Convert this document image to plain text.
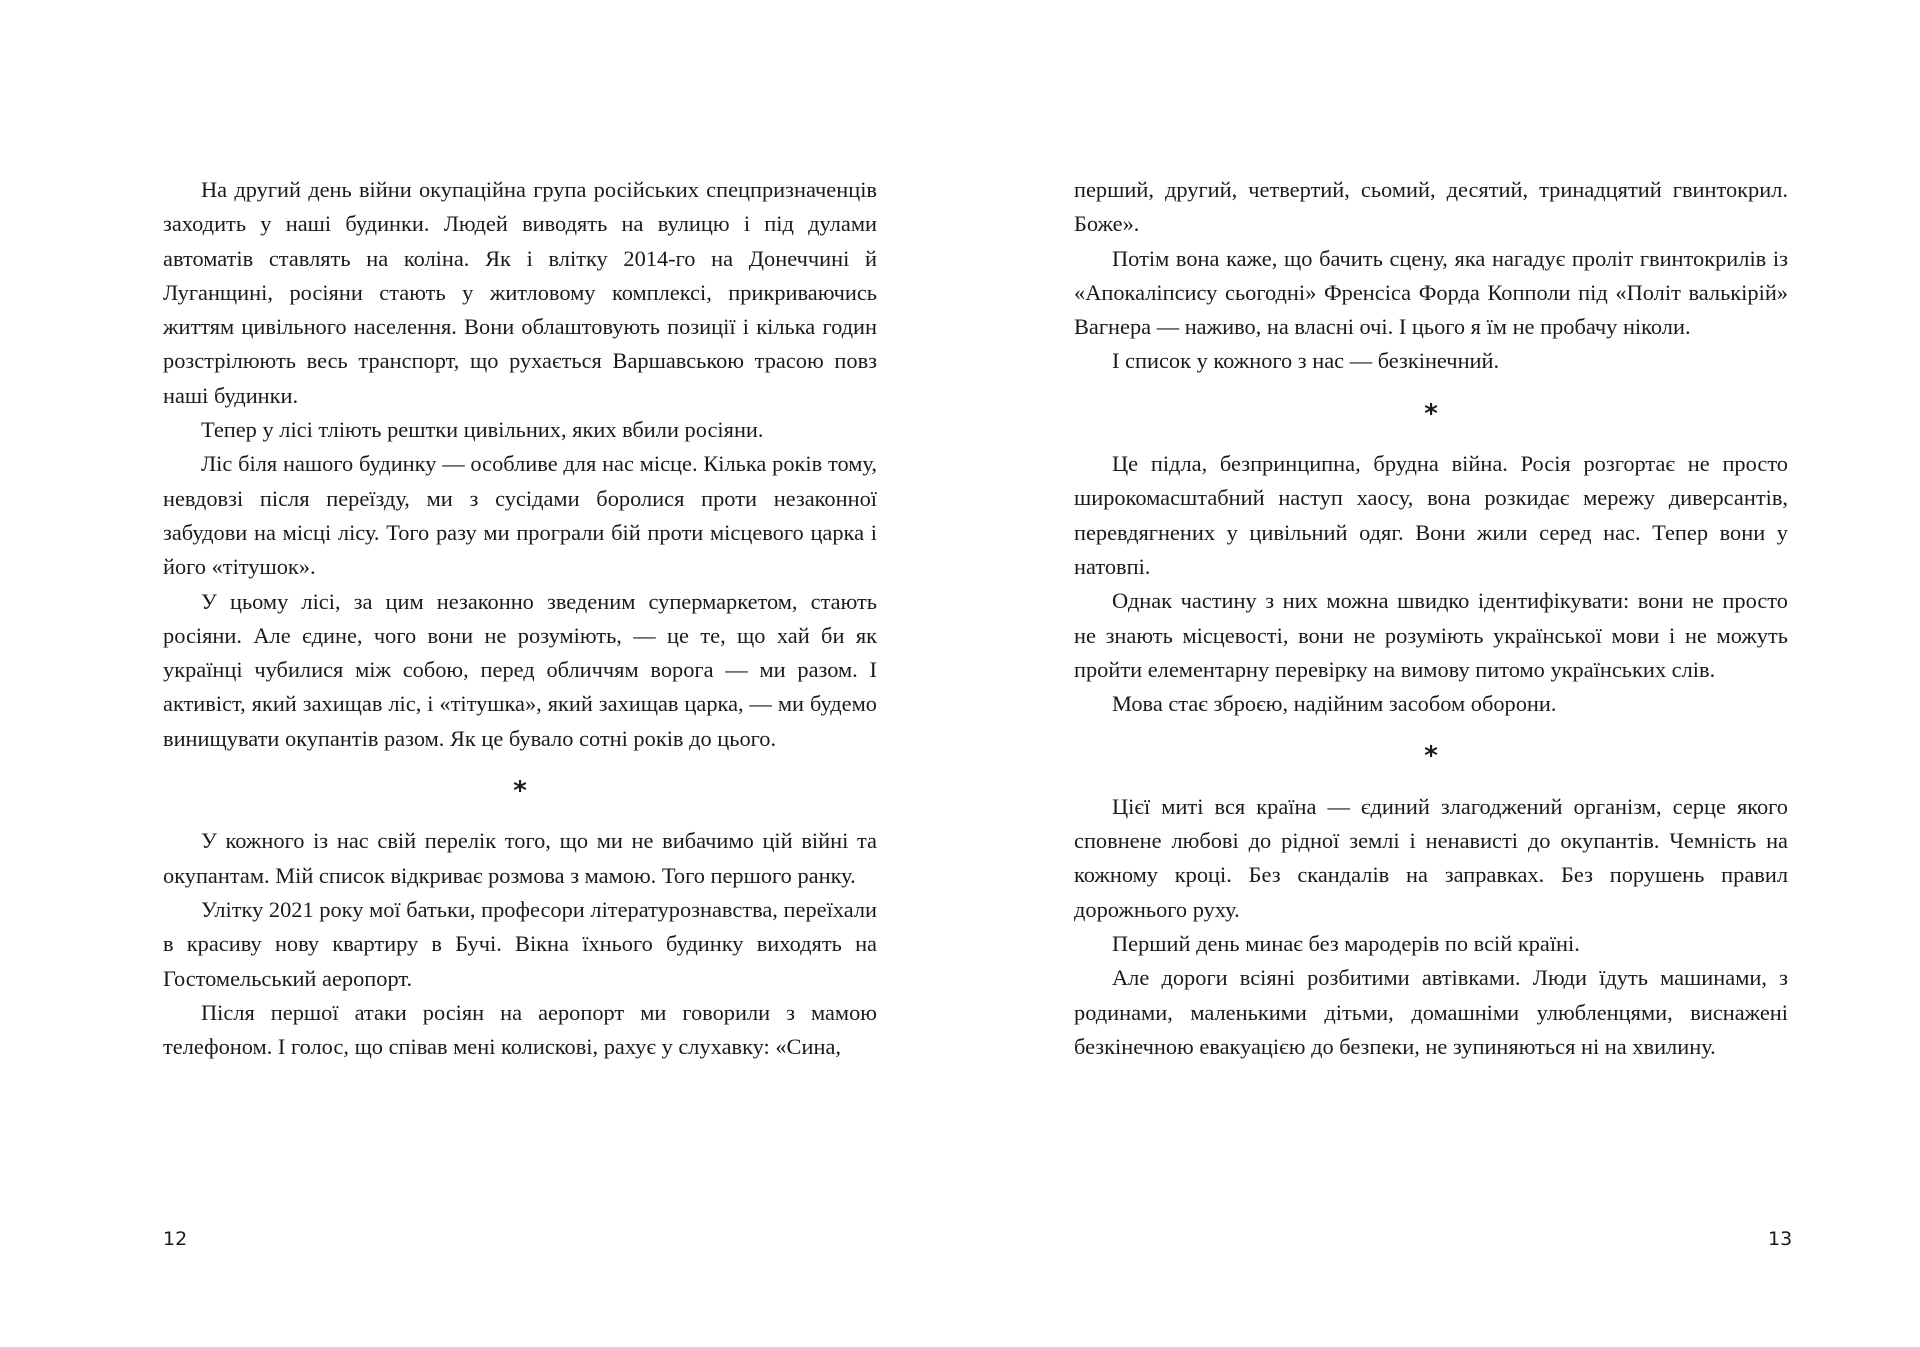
На другий день війни окупаційна група російських спецпризначенців заходить у наші будинки. Людей виводять на вулицю і під дулами автоматів ставлять на коліна. Як і влітку 2014-го на Донеччині й Луганщині, росіяни стають у житловому комплексі, прикриваючись життям цивільного населення. Вони облаштовують позиції і кілька годин розстрілюють весь транспорт, що рухається Варшавською трасою повз наші будинки.

Тепер у лісі тліють рештки цивільних, яких вбили росіяни.

Ліс біля нашого будинку — особливе для нас місце. Кілька років тому, невдовзі після переїзду, ми з сусідами боролися проти незаконної забудови на місці лісу. Того разу ми програли бій проти місцевого царка і його «тітушок».

У цьому лісі, за цим незаконно зведеним супермаркетом, стають росіяни. Але єдине, чого вони не розуміють, — це те, що хай би як українці чубилися між собою, перед обличчям ворога — ми разом. І активіст, який захищав ліс, і «тітушка», який захищав царка, — ми будемо винищувати окупантів разом. Як це бувало сотні років до цього.

*

У кожного із нас свій перелік того, що ми не вибачимо цій війні та окупантам. Мій список відкриває розмова з мамою. Того першого ранку.

Улітку 2021 року мої батьки, професори літературознавства, переїхали в красиву нову квартиру в Бучі. Вікна їхнього будинку виходять на Гостомельський аеропорт.

Після першої атаки росіян на аеропорт ми говорили з мамою телефоном. І голос, що співав мені колискові, рахує у слухавку: «Сина,

12

перший, другий, четвертий, сьомий, десятий, тринадцятий гвинтокрил. Боже».

Потім вона каже, що бачить сцену, яка нагадує проліт гвинтокрилів із «Апокаліпсису сьогодні» Френсіса Форда Копполи під «Політ валькірій» Вагнера — наживо, на власні очі. І цього я їм не пробачу ніколи.

І список у кожного з нас — безкінечний.

*

Це підла, безпринципна, брудна війна. Росія розгортає не просто широкомасштабний наступ хаосу, вона розкидає мережу диверсантів, перевдягнених у цивільний одяг. Вони жили серед нас. Тепер вони у натовпі.

Однак частину з них можна швидко ідентифікувати: вони не просто не знають місцевості, вони не розуміють української мови і не можуть пройти елементарну перевірку на вимову питомо українських слів.

Мова стає зброєю, надійним засобом оборони.

*

Цієї миті вся країна — єдиний злагоджений організм, серце якого сповнене любові до рідної землі і ненависті до окупантів. Чемність на кожному кроці. Без скандалів на заправках. Без порушень правил дорожнього руху.

Перший день минає без мародерів по всій країні.

Але дороги всіяні розбитими автівками. Люди їдуть машинами, з родинами, маленькими дітьми, домашніми улюбленцями, виснажені безкінечною евакуацією до безпеки, не зупиняються ні на хвилину.

13
